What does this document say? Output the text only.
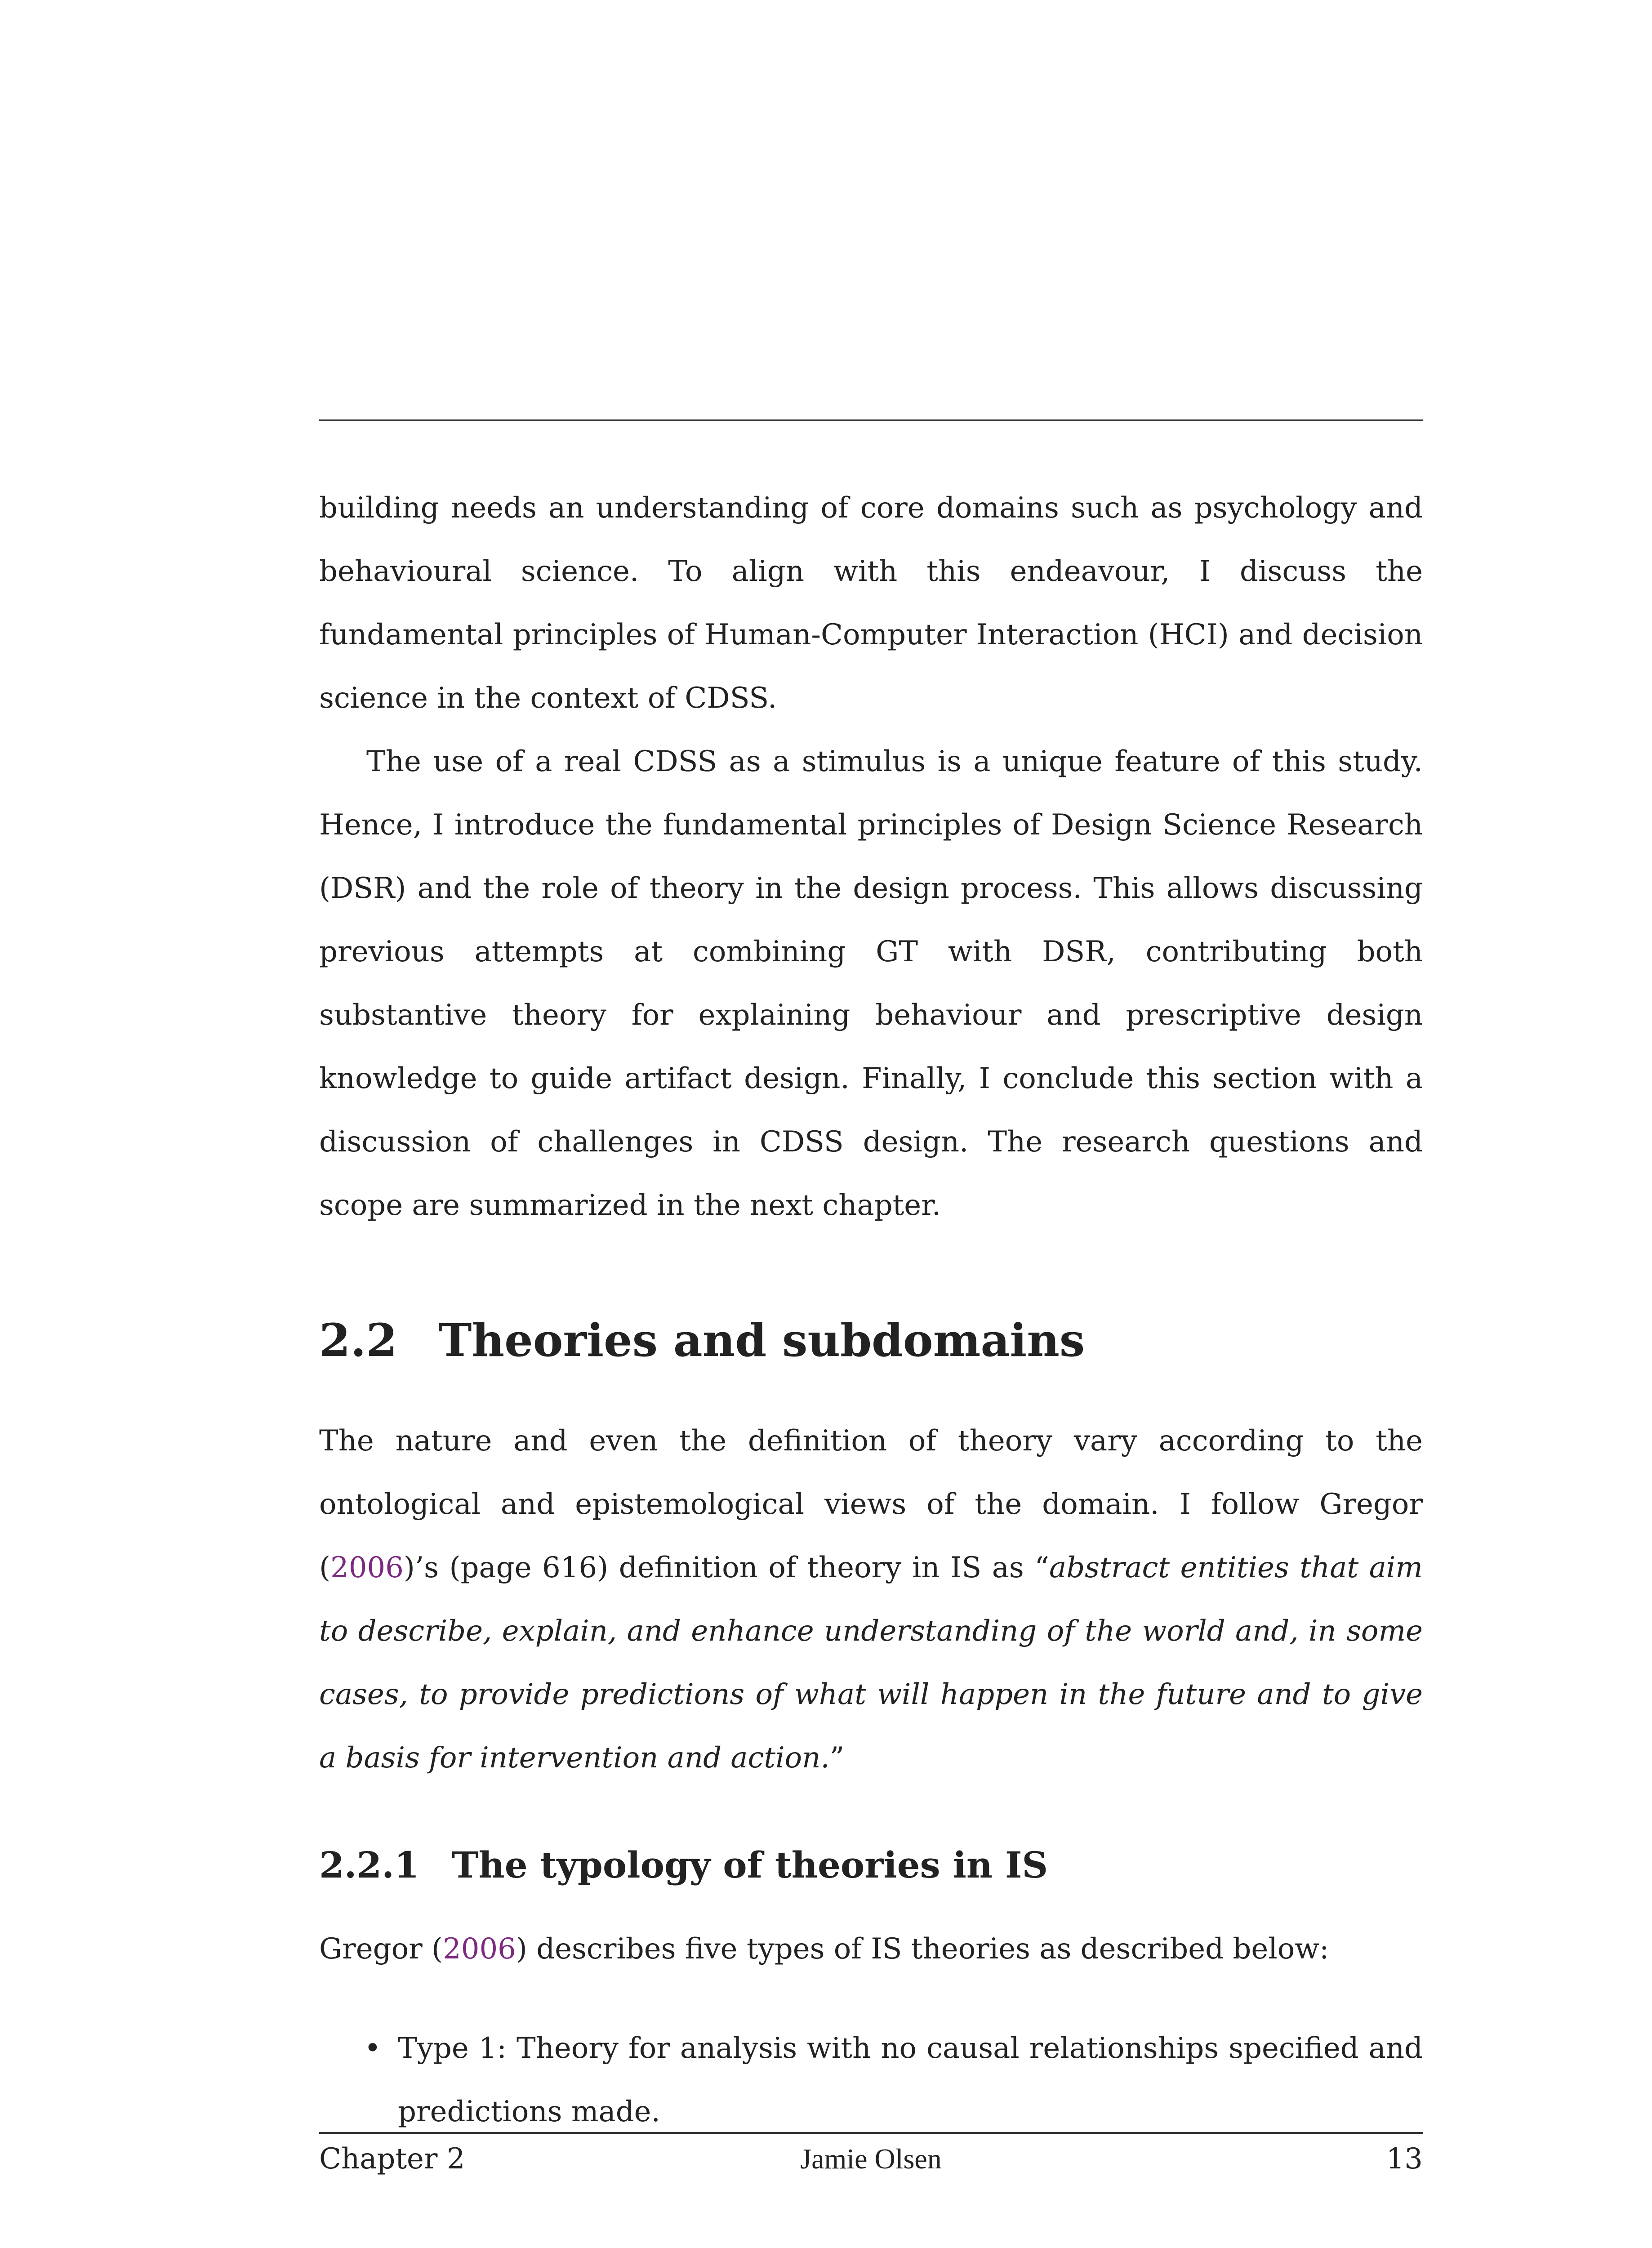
building needs an understanding of core domains such as psychology and behavioural science. To align with this endeavour, I discuss the fundamental principles of Human-Computer Interaction (HCI) and decision science in the context of CDSS.

The use of a real CDSS as a stimulus is a unique feature of this study. Hence, I introduce the fundamental principles of Design Science Research (DSR) and the role of theory in the design process. This allows discussing previous attempts at combining GT with DSR, contributing both substantive theory for explaining behaviour and prescriptive design knowledge to guide artifact design. Finally, I conclude this section with a discussion of challenges in CDSS design. The research questions and scope are summarized in the next chapter.

2.2 Theories and subdomains

The nature and even the definition of theory vary according to the ontological and epistemological views of the domain. I follow Gregor (2006)’s (page 616) definition of theory in IS as “abstract entities that aim to describe, explain, and enhance understanding of the world and, in some cases, to provide predictions of what will happen in the future and to give a basis for intervention and action.”

2.2.1 The typology of theories in IS

Gregor (2006) describes five types of IS theories as described below:

• Type 1: Theory for analysis with no causal relationships specified and predictions made.
Chapter 2	Jamie Olsen	13
